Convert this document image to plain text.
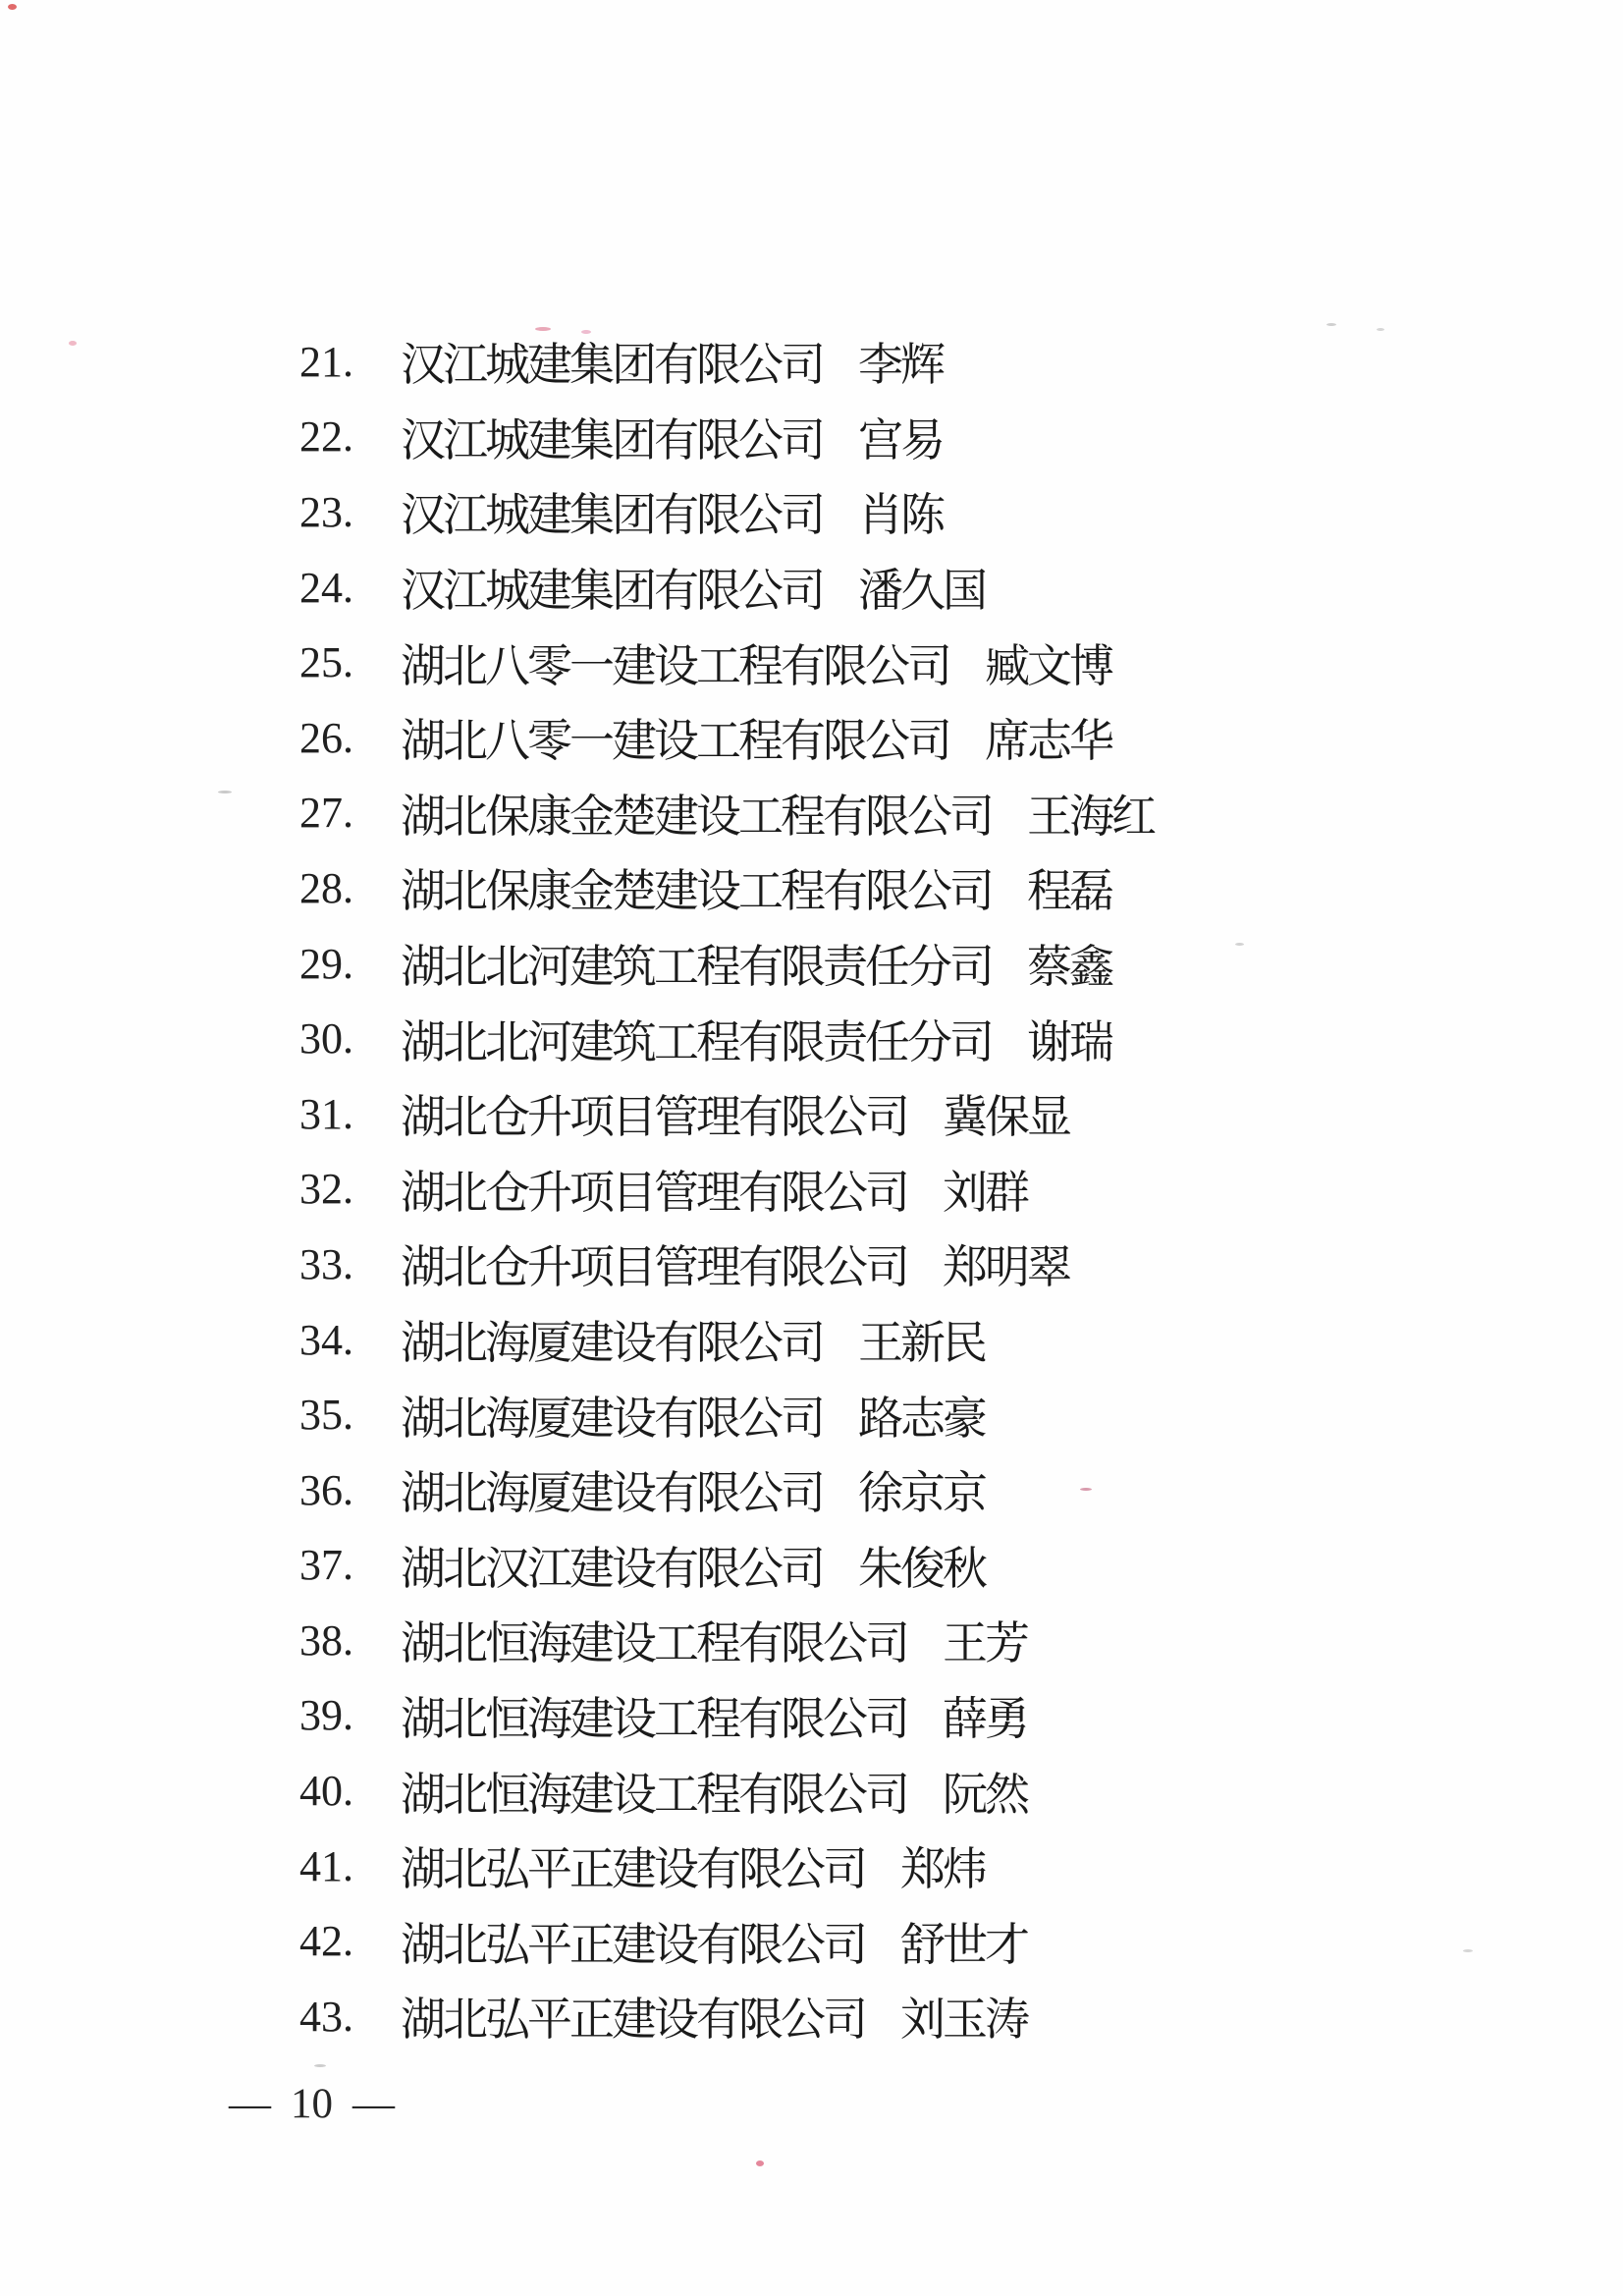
21.	汉江城建集团有限公司 李辉
22.	汉江城建集团有限公司 宫易
23.	汉江城建集团有限公司 肖陈
24.	汉江城建集团有限公司 潘久国
25.	湖北八零一建设工程有限公司 臧文博
26.	湖北八零一建设工程有限公司 席志华
27.	湖北保康金楚建设工程有限公司 王海红
28.	湖北保康金楚建设工程有限公司 程磊
29.	湖北北河建筑工程有限责任分司 蔡鑫
30.	湖北北河建筑工程有限责任分司 谢瑞
31.	湖北仓升项目管理有限公司 冀保显
32.	湖北仓升项目管理有限公司 刘群
33.	湖北仓升项目管理有限公司 郑明翠
34.	湖北海厦建设有限公司 王新民
35.	湖北海厦建设有限公司 路志豪
36.	湖北海厦建设有限公司 徐京京
37.	湖北汉江建设有限公司 朱俊秋
38.	湖北恒海建设工程有限公司 王芳
39.	湖北恒海建设工程有限公司 薛勇
40.	湖北恒海建设工程有限公司 阮然
41.	湖北弘平正建设有限公司 郑炜
42.	湖北弘平正建设有限公司 舒世才
43.	湖北弘平正建设有限公司 刘玉涛
— 10 —
